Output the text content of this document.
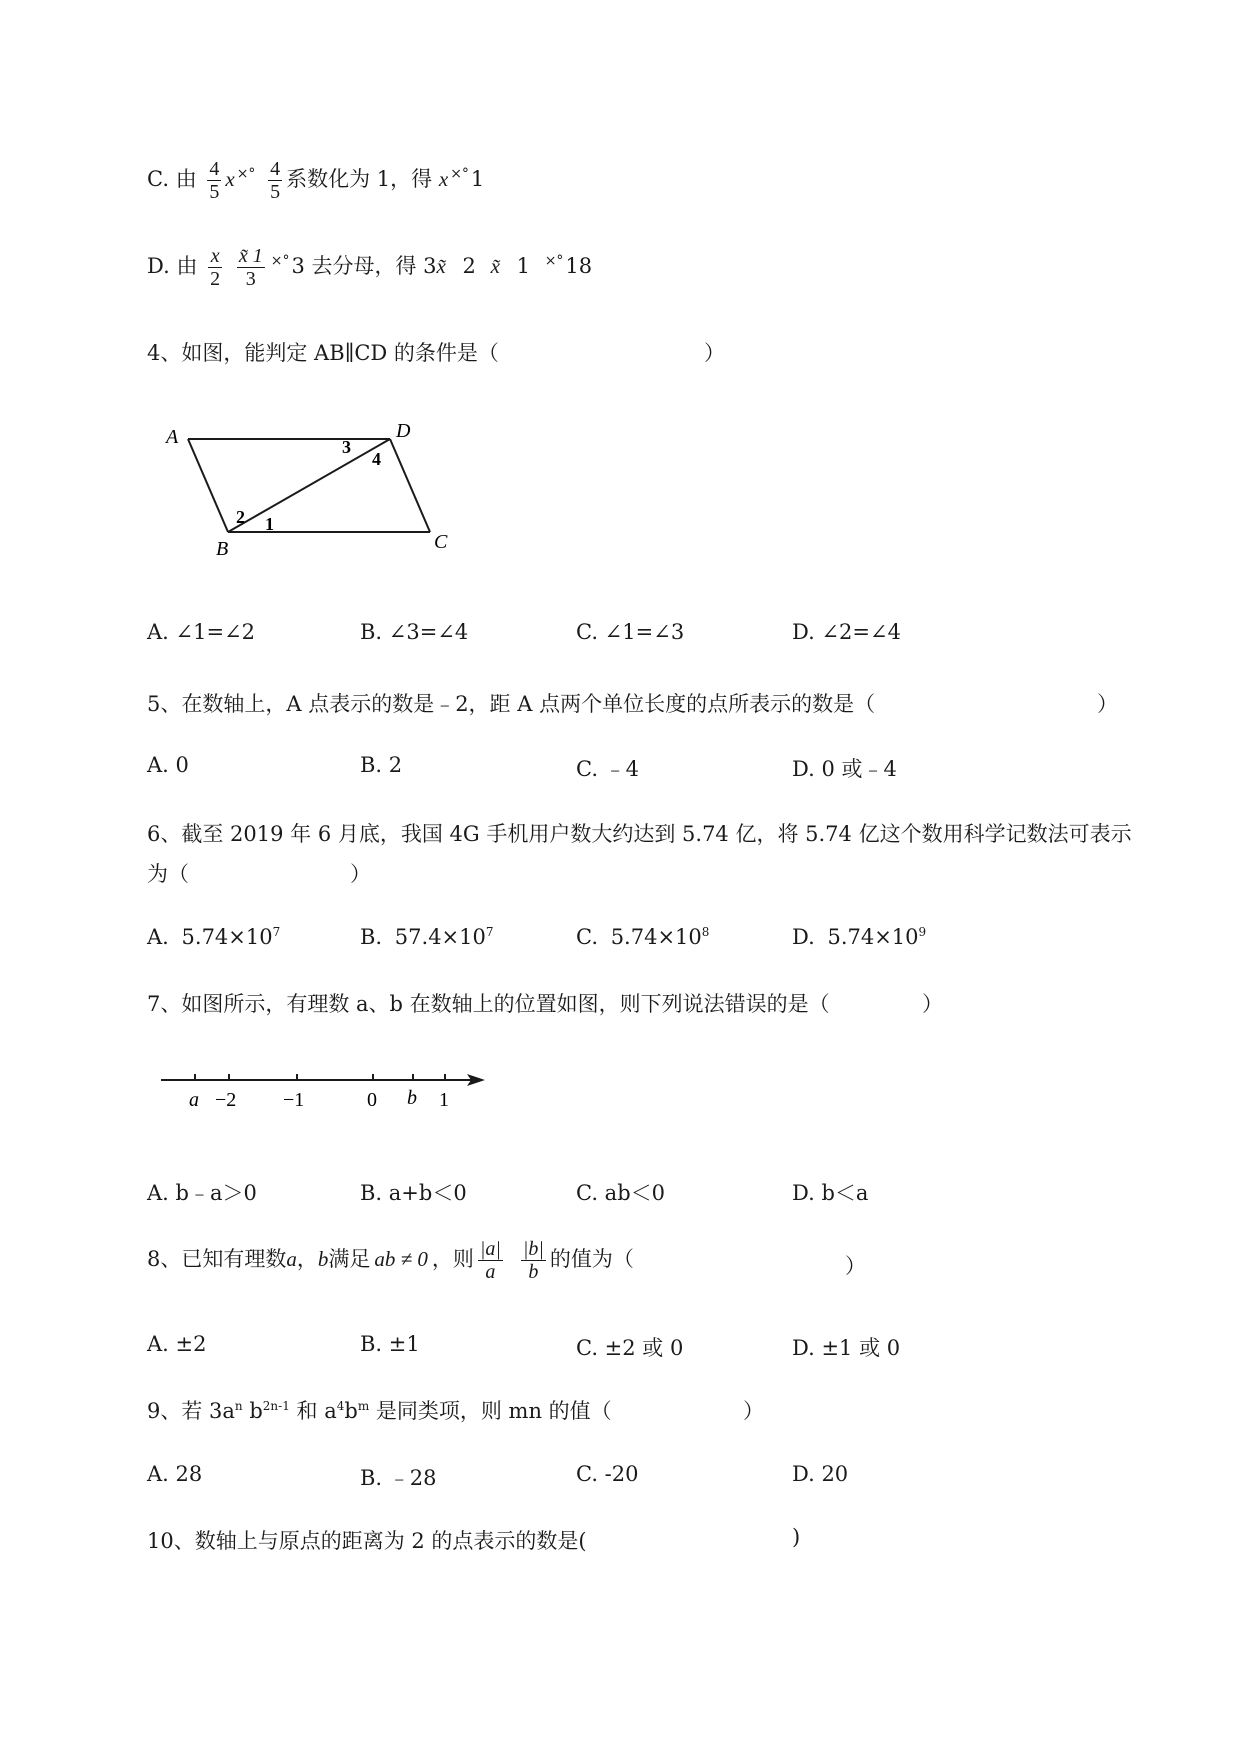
C. 由 $\frac{4}{5}$ x $^{\times^\circ} \frac{4}{5}$ 系数化为 1，得 x ×°1
D. 由 $\frac{x}{2}$
$\frac{x̃ 1}{3} ^{\times^\circ}3$ 去分母，得 3x̃ 2 x̃ 1 ×°18
4、如图，能判定 AB∥CD 的条件是（	）
A	D
B	C
1
2
3
4
A. ∠1=∠2	B. ∠3=∠4	C. ∠1=∠3	D. ∠2=∠4
5、在数轴上，A 点表示的数是﹣2，距 A 点两个单位长度的点所表示的数是（	）
A. 0	B. 2	C. ﹣4	D. 0 或﹣4
6、截至 2019 年 6 月底，我国 4G 手机用户数大约达到 5.74 亿，将 5.74 亿这个数用科学记数法可表示
为（	）
A. $5.74\times 10^7$	B. $57.4\times 10^7$	C. $5.74\times 10^8$	D. $5.74\times 10^9$
7、如图所示，有理数 a、b 在数轴上的位置如图，则下列说法错误的是（	）
a −2 −1	0 b 1
A. b﹣a＞0	B. a+b＜0	C. ab＜0	D. b＜a
8、已知有理数a，b满足 ab ≠ 0 ，则 $\frac{|a|}{a} \frac{|b|}{b}$ 的值为（	）
A. ±2	B. ±1	C. ±2 或 0	D. ±1 或 0
9、若 $3a^n$ $b^{2n-1}$ 和 $a^4b^m$ 是同类项，则 mn 的值（	）
A. 28	B. ﹣28	C. -20	D. 20
10、数轴上与原点的距离为 2 的点表示的数是(	)
